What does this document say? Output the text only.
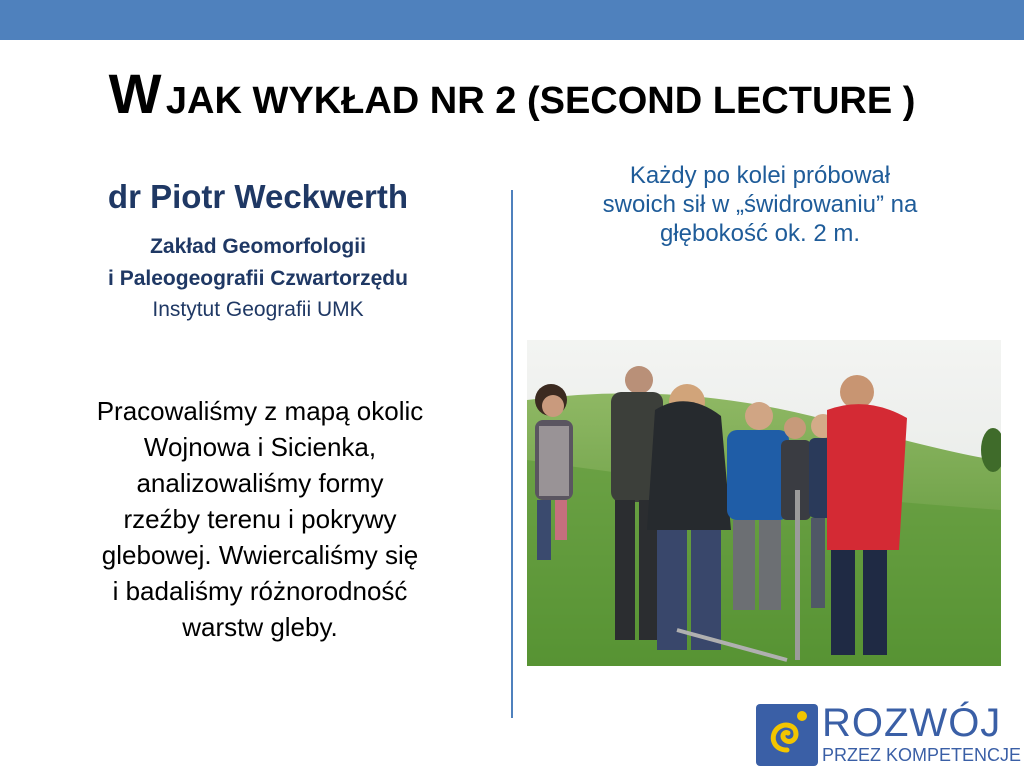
W JAK WYKŁAD NR 2 (SECOND LECTURE )
dr Piotr Weckwerth
Zakład Geomorfologii
i Paleogeografii Czwartorzędu
Instytut Geografii UMK
Pracowaliśmy z mapą okolic
Wojnowa i Sicienka,
analizowaliśmy formy
rzeźby terenu i pokrywy
glebowej. Wwiercaliśmy się
i badaliśmy różnorodność
warstw gleby.
Każdy po kolei próbował
swoich sił w „świdrowaniu” na
głębokość ok. 2 m.
ROZWÓJ
PRZEZ KOMPETENCJE
